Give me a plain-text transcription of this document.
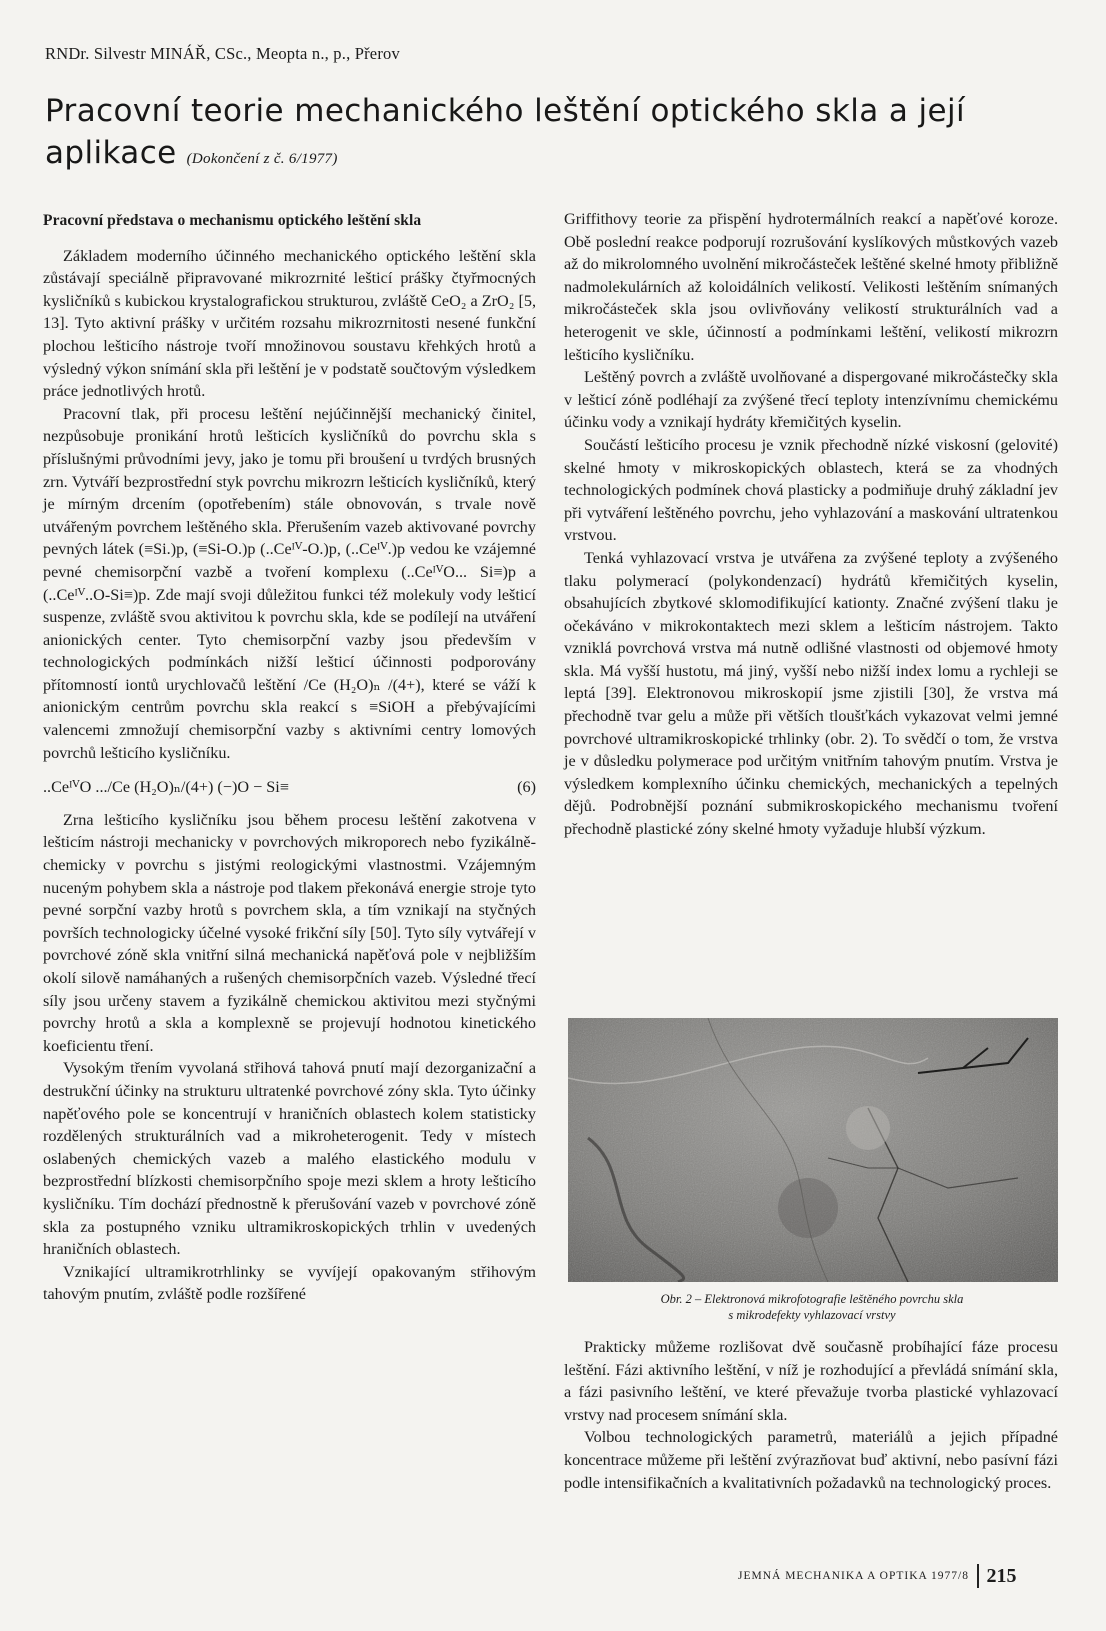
RNDr. Silvestr MINÁŘ, CSc., Meopta n., p., Přerov
Pracovní teorie mechanického leštění optického skla a její aplikace (Dokončení z č. 6/1977)
Pracovní představa o mechanismu optického leštění skla

Základem moderního účinného mechanického optického leštění skla zůstávají speciálně připravované mikrozrnité lešticí prášky čtyřmocných kysličníků s kubickou krystalografickou strukturou, zvláště CeO₂ a ZrO₂ [5, 13]. Tyto aktivní prášky v určitém rozsahu mikrozrnitosti nesené funkční plochou lešticího nástroje tvoří množinovou soustavu křehkých hrotů a výsledný výkon snímání skla při leštění je v podstatě součtovým výsledkem práce jednotlivých hrotů.

Pracovní tlak, při procesu leštění nejúčinnější mechanický činitel, nezpůsobuje pronikání hrotů lešticích kysličníků do povrchu skla s příslušnými průvodními jevy, jako je tomu při broušení u tvrdých brusných zrn. Vytváří bezprostřední styk povrchu mikrozrn lešticích kysličníků, který je mírným drcením (opotřebením) stále obnovován, s trvale nově utvářeným povrchem leštěného skla. Přerušením vazeb aktivované povrchy pevných látek (≡Si.)p, (≡Si-O.)p (..Ceᴵⱽ-O.)p, (..Ceᴵⱽ.)p vedou ke vzájemné pevné chemisorpční vazbě a tvoření komplexu (..CeᴵⱽO... Si≡)p a (..Ceᴵⱽ..O-Si≡)p. Zde mají svoji důležitou funkci též molekuly vody lešticí suspenze, zvláště svou aktivitou k povrchu skla, kde se podílejí na utváření anionických center. Tyto chemisorpční vazby jsou především v technologických podmínkách nižší lešticí účinnosti podporovány přítomností iontů urychlovačů leštění /Ce (H₂O)ₙ /(4+), které se váží k anionickým centrům povrchu skla reakcí s ≡SiOH a přebývajícími valencemi zmnožují chemisorpční vazby s aktivními centry lomových povrchů lešticího kysličníku.

..CeᴵⱽO .../Ce (H₂O)ₙ/(4+) (−)O − Si≡	(6)

Zrna lešticího kysličníku jsou během procesu leštění zakotvena v lešticím nástroji mechanicky v povrchových mikroporech nebo fyzikálně-chemicky v povrchu s jistými reologickými vlastnostmi. Vzájemným nuceným pohybem skla a nástroje pod tlakem překonává energie stroje tyto pevné sorpční vazby hrotů s povrchem skla, a tím vznikají na styčných površích technologicky účelné vysoké frikční síly [50]. Tyto síly vytvářejí v povrchové zóně skla vnitřní silná mechanická napěťová pole v nejbližším okolí silově namáhaných a rušených chemisorpčních vazeb. Výsledné třecí síly jsou určeny stavem a fyzikálně chemickou aktivitou mezi styčnými povrchy hrotů a skla a komplexně se projevují hodnotou kinetického koeficientu tření.

Vysokým třením vyvolaná střihová tahová pnutí mají dezorganizační a destrukční účinky na strukturu ultratenké povrchové zóny skla. Tyto účinky napěťového pole se koncentrují v hraničních oblastech kolem statisticky rozdělených strukturálních vad a mikroheterogenit. Tedy v místech oslabených chemických vazeb a malého elastického modulu v bezprostřední blízkosti chemisorpčního spoje mezi sklem a hroty lešticího kysličníku. Tím dochází přednostně k přerušování vazeb v povrchové zóně skla za postupného vzniku ultramikroskopických trhlin v uvedených hraničních oblastech.

Vznikající ultramikrotrhlinky se vyvíjejí opakovaným střihovým tahovým pnutím, zvláště podle rozšířené

Griffithovy teorie za přispění hydrotermálních reakcí a napěťové koroze. Obě poslední reakce podporují rozrušování kyslíkových můstkových vazeb až do mikrolomného uvolnění mikročásteček leštěné skelné hmoty přibližně nadmolekulárních až koloidálních velikostí. Velikosti leštěním snímaných mikročásteček skla jsou ovlivňovány velikostí strukturálních vad a heterogenit ve skle, účinností a podmínkami leštění, velikostí mikrozrn lešticího kysličníku.

Leštěný povrch a zvláště uvolňované a dispergované mikročástečky skla v lešticí zóně podléhají za zvýšené třecí teploty intenzívnímu chemickému účinku vody a vznikají hydráty křemičitých kyselin.

Součástí lešticího procesu je vznik přechodně nízké viskosní (gelovité) skelné hmoty v mikroskopických oblastech, která se za vhodných technologických podmínek chová plasticky a podmiňuje druhý základní jev při vytváření leštěného povrchu, jeho vyhlazování a maskování ultratenkou vrstvou.

Tenká vyhlazovací vrstva je utvářena za zvýšené teploty a zvýšeného tlaku polymerací (polykondenzací) hydrátů křemičitých kyselin, obsahujících zbytkové sklomodifikující kationty. Značné zvýšení tlaku je očekáváno v mikrokontaktech mezi sklem a lešticím nástrojem. Takto vzniklá povrchová vrstva má nutně odlišné vlastnosti od objemové hmoty skla. Má vyšší hustotu, má jiný, vyšší nebo nižší index lomu a rychleji se leptá [39]. Elektronovou mikroskopií jsme zjistili [30], že vrstva má přechodně tvar gelu a může při větších tloušťkách vykazovat velmi jemné povrchové ultramikroskopické trhlinky (obr. 2). To svědčí o tom, že vrstva je v důsledku polymerace pod určitým vnitřním tahovým pnutím. Vrstva je výsledkem komplexního účinku chemických, mechanických a tepelných dějů. Podrobnější poznání submikroskopického mechanismu tvoření přechodně plastické zóny skelné hmoty vyžaduje hlubší výzkum.

Obr. 2 – Elektronová mikrofotografie leštěného povrchu skla
s mikrodefekty vyhlazovací vrstvy

Prakticky můžeme rozlišovat dvě současně probíhající fáze procesu leštění. Fázi aktivního leštění, v níž je rozhodující a převládá snímání skla, a fázi pasivního leštění, ve které převažuje tvorba plastické vyhlazovací vrstvy nad procesem snímání skla.

Volbou technologických parametrů, materiálů a jejich případné koncentrace můžeme při leštění zvýrazňovat buď aktivní, nebo pasívní fázi podle intensifikačních a kvalitativních požadavků na technologický proces.

JEMNÁ MECHANIKA A OPTIKA 1977/8 215
